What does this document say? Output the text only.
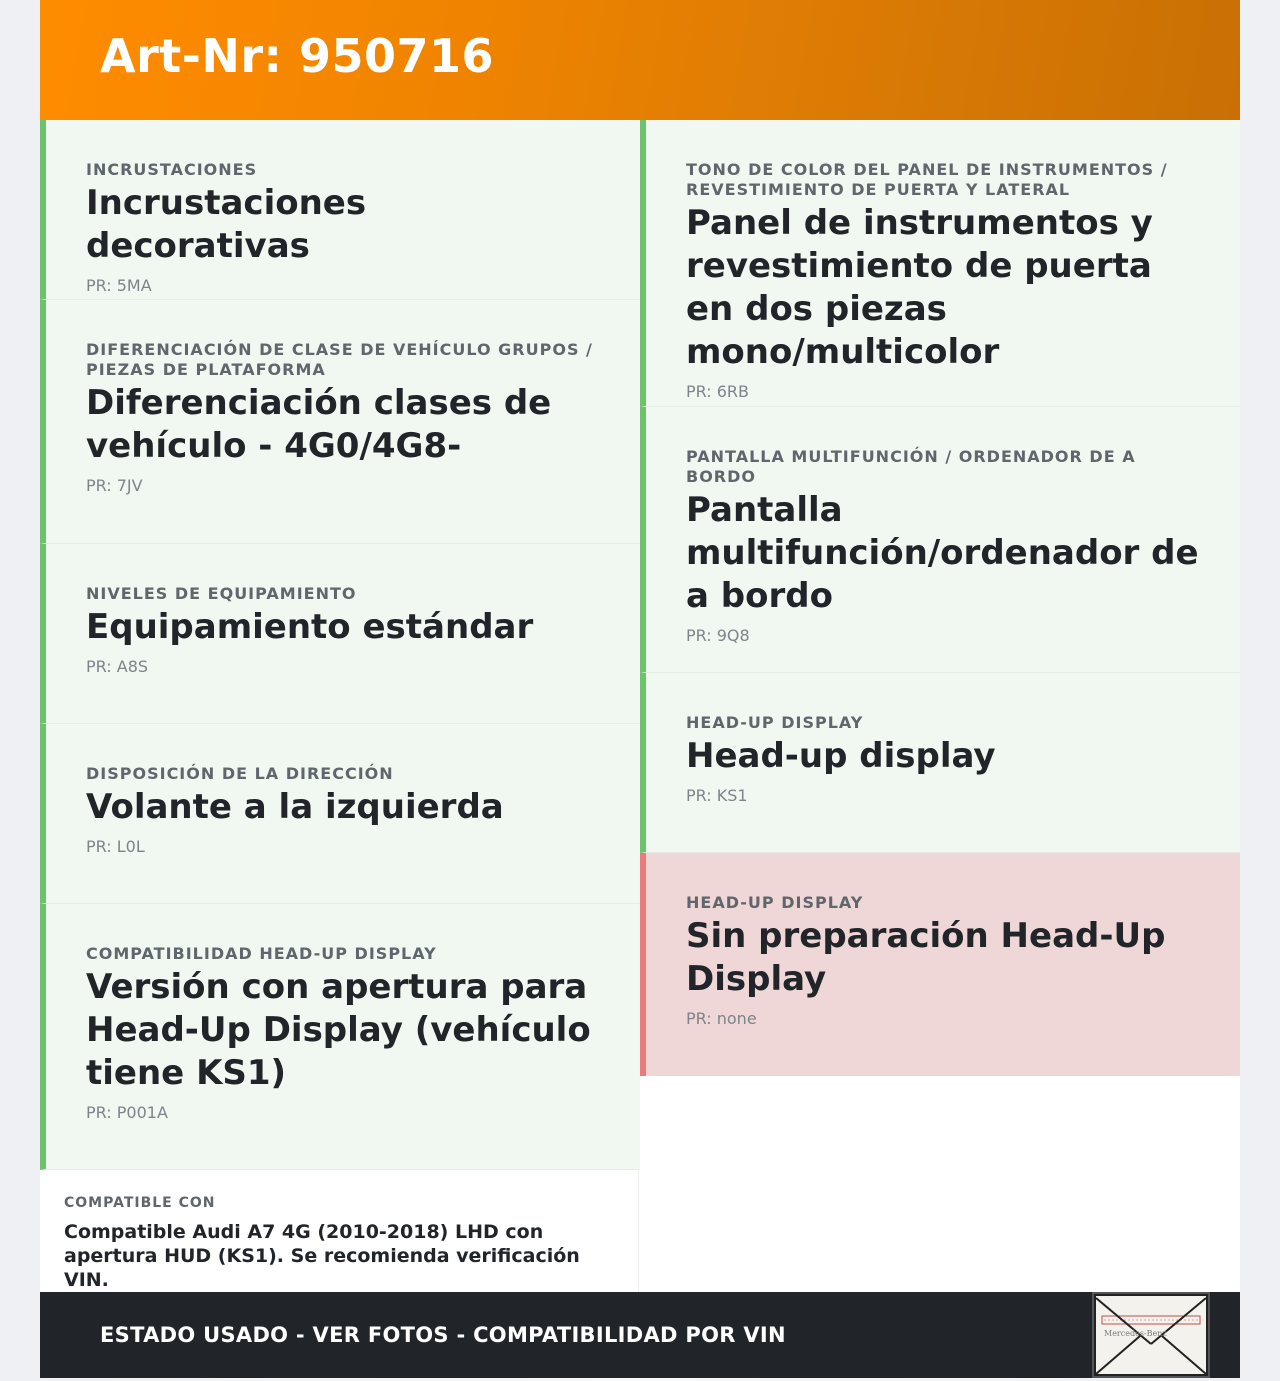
Art-Nr: 950716
INCRUSTACIONES
Incrustaciones decorativas
PR: 5MA
DIFERENCIACIÓN DE CLASE DE VEHÍCULO GRUPOS / PIEZAS DE PLATAFORMA
Diferenciación clases de vehículo - 4G0/4G8-
PR: 7JV
NIVELES DE EQUIPAMIENTO
Equipamiento estándar
PR: A8S
DISPOSICIÓN DE LA DIRECCIÓN
Volante a la izquierda
PR: L0L
COMPATIBILIDAD HEAD-UP DISPLAY
Versión con apertura para Head-Up Display (vehículo tiene KS1)
PR: P001A
TONO DE COLOR DEL PANEL DE INSTRUMENTOS / REVESTIMIENTO DE PUERTA Y LATERAL
Panel de instrumentos y revestimiento de puerta en dos piezas mono/multicolor
PR: 6RB
PANTALLA MULTIFUNCIÓN / ORDENADOR DE A BORDO
Pantalla multifunción/ordenador de a bordo
PR: 9Q8
HEAD-UP DISPLAY
Head-up display
PR: KS1
HEAD-UP DISPLAY
Sin preparación Head-Up Display
PR: none
COMPATIBLE CON
Compatible Audi A7 4G (2010-2018) LHD con apertura HUD (KS1). Se recomienda verificación VIN.
ESTADO USADO - VER FOTOS - COMPATIBILIDAD POR VIN	Mercedes-Benz
